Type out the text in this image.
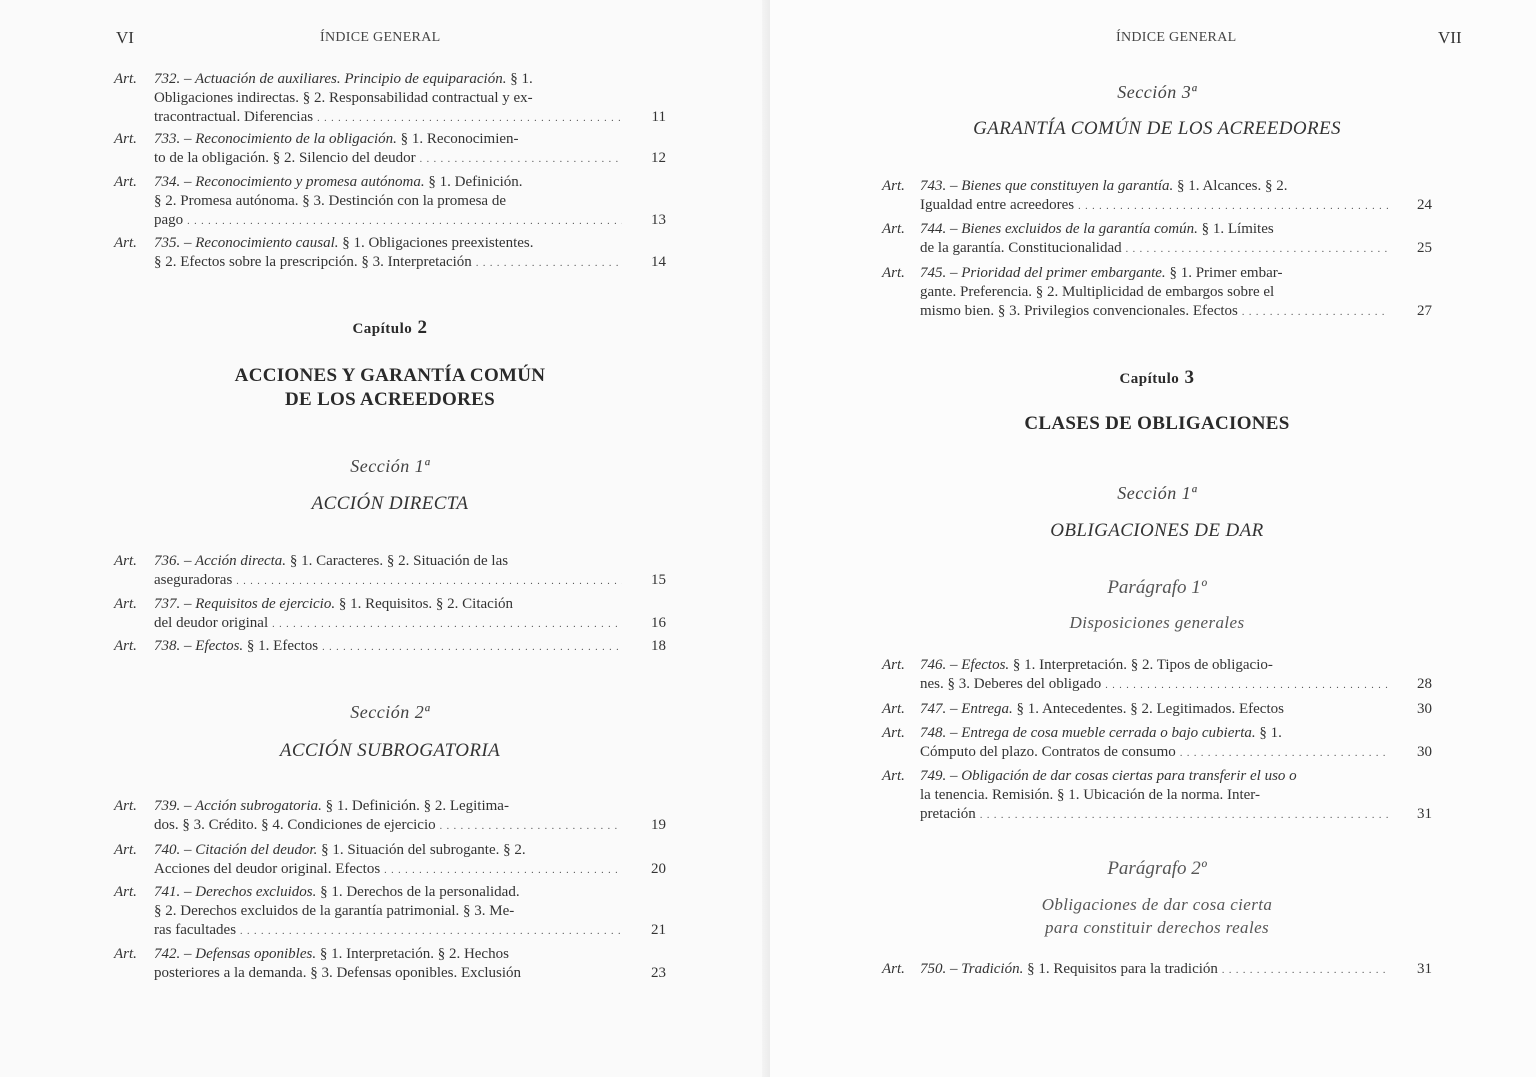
VI	ÍNDICE GENERAL
Art. 732. – Actuación de auxiliares. Principio de equiparación. § 1.
Obligaciones indirectas. § 2. Responsabilidad contractual y ex-
tracontractual. Diferencias . . .	11
Art. 733. – Reconocimiento de la obligación. § 1. Reconocimien-
to de la obligación. § 2. Silencio del deudor . . .	12
Art. 734. – Reconocimiento y promesa autónoma. § 1. Definición.
§ 2. Promesa autónoma. § 3. Destinción con la promesa de
pago . . .	13
Art. 735. – Reconocimiento causal. § 1. Obligaciones preexistentes.
§ 2. Efectos sobre la prescripción. § 3. Interpretación . . .	14
Capítulo 2
ACCIONES Y GARANTÍA COMÚN
DE LOS ACREEDORES
Sección 1ª
ACCIÓN DIRECTA
Art. 736. – Acción directa. § 1. Caracteres. § 2. Situación de las
aseguradoras . . .	15
Art. 737. – Requisitos de ejercicio. § 1. Requisitos. § 2. Citación
del deudor original . . .	16
Art. 738. – Efectos. § 1. Efectos . . .	18
Sección 2ª
ACCIÓN SUBROGATORIA
Art. 739. – Acción subrogatoria. § 1. Definición. § 2. Legitima-
dos. § 3. Crédito. § 4. Condiciones de ejercicio . . .	19
Art. 740. – Citación del deudor. § 1. Situación del subrogante. § 2.
Acciones del deudor original. Efectos . . .	20
Art. 741. – Derechos excluidos. § 1. Derechos de la personalidad.
§ 2. Derechos excluidos de la garantía patrimonial. § 3. Me-
ras facultades . . .	21
Art. 742. – Defensas oponibles. § 1. Interpretación. § 2. Hechos
posteriores a la demanda. § 3. Defensas oponibles. Exclusión	23
ÍNDICE GENERAL	VII
Sección 3ª
GARANTÍA COMÚN DE LOS ACREEDORES
Art. 743. – Bienes que constituyen la garantía. § 1. Alcances. § 2.
Igualdad entre acreedores . . .	24
Art. 744. – Bienes excluidos de la garantía común. § 1. Límites
de la garantía. Constitucionalidad . . .	25
Art. 745. – Prioridad del primer embargante. § 1. Primer embar-
gante. Preferencia. § 2. Multiplicidad de embargos sobre el
mismo bien. § 3. Privilegios convencionales. Efectos . . .	27
Capítulo 3
CLASES DE OBLIGACIONES
Sección 1ª
OBLIGACIONES DE DAR
Parágrafo 1º
Disposiciones generales
Art. 746. – Efectos. § 1. Interpretación. § 2. Tipos de obligacio-
nes. § 3. Deberes del obligado . . .	28
Art. 747. – Entrega. § 1. Antecedentes. § 2. Legitimados. Efectos	30
Art. 748. – Entrega de cosa mueble cerrada o bajo cubierta. § 1.
Cómputo del plazo. Contratos de consumo . . .	30
Art. 749. – Obligación de dar cosas ciertas para transferir el uso o
la tenencia. Remisión. § 1. Ubicación de la norma. Inter-
pretación . . .	31
Parágrafo 2º
Obligaciones de dar cosa cierta
para constituir derechos reales
Art. 750. – Tradición. § 1. Requisitos para la tradición . . .	31
